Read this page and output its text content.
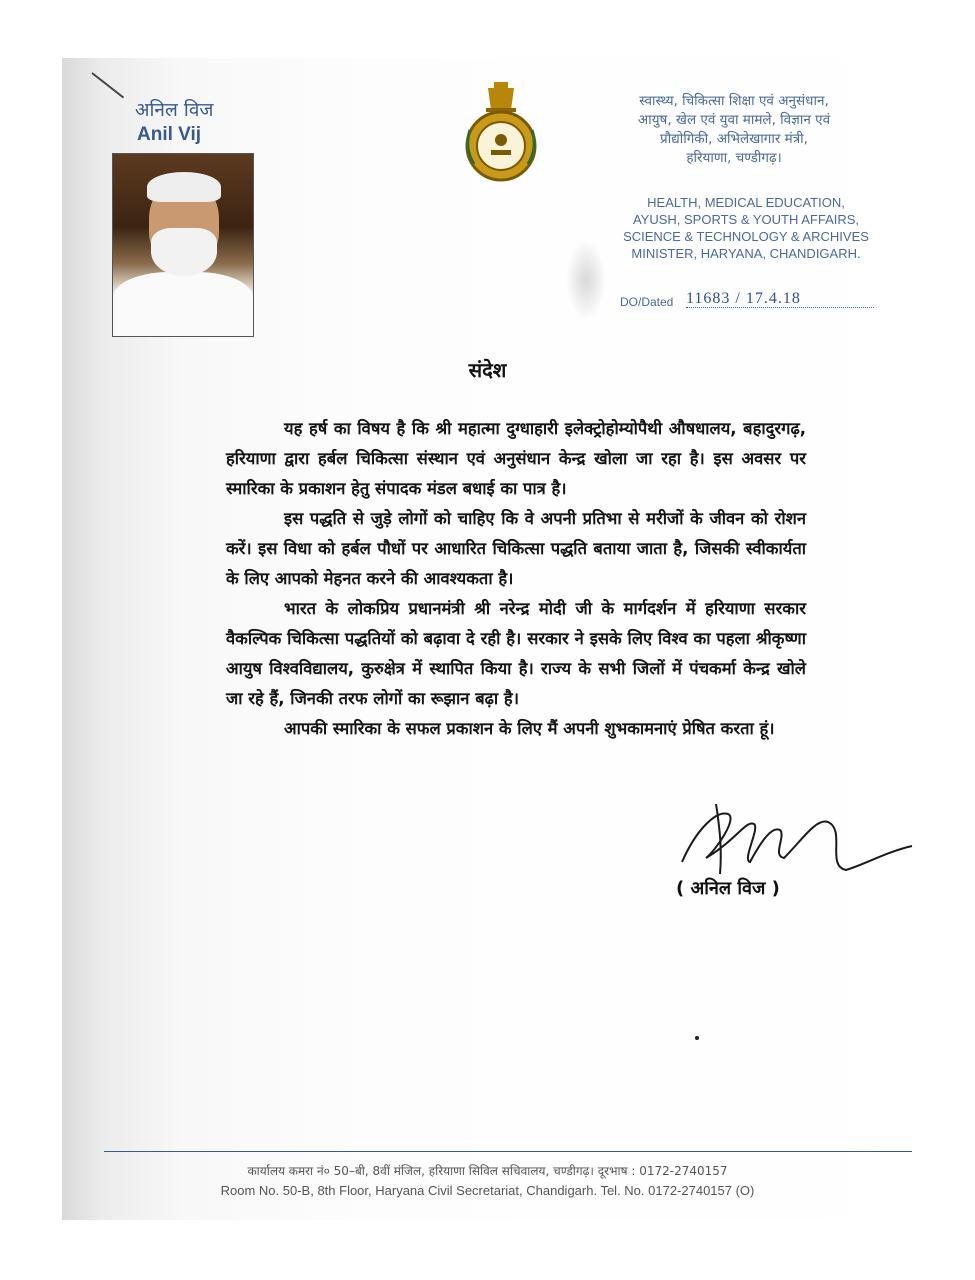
अनिल विज
Anil Vij
स्वास्थ्य, चिकित्सा शिक्षा एवं अनुसंधान,
आयुष, खेल एवं युवा मामले, विज्ञान एवं
प्रौद्योगिकी, अभिलेखागार मंत्री,
हरियाणा, चण्डीगढ़।
HEALTH, MEDICAL EDUCATION,
AYUSH, SPORTS & YOUTH AFFAIRS,
SCIENCE & TECHNOLOGY & ARCHIVES
MINISTER, HARYANA, CHANDIGARH.
DO/Dated 11683 / 17.4.18
संदेश

यह हर्ष का विषय है कि श्री महात्मा दुग्धाहारी इलेक्ट्रोहोम्योपैथी औषधालय, बहादुरगढ़, हरियाणा द्वारा हर्बल चिकित्सा संस्थान एवं अनुसंधान केन्द्र खोला जा रहा है। इस अवसर पर स्मारिका के प्रकाशन हेतु संपादक मंडल बधाई का पात्र है।

इस पद्धति से जुड़े लोगों को चाहिए कि वे अपनी प्रतिभा से मरीजों के जीवन को रोशन करें। इस विधा को हर्बल पौधों पर आधारित चिकित्सा पद्धति बताया जाता है, जिसकी स्वीकार्यता के लिए आपको मेहनत करने की आवश्यकता है।

भारत के लोकप्रिय प्रधानमंत्री श्री नरेन्द्र मोदी जी के मार्गदर्शन में हरियाणा सरकार वैकल्पिक चिकित्सा पद्धतियों को बढ़ावा दे रही है। सरकार ने इसके लिए विश्व का पहला श्रीकृष्णा आयुष विश्वविद्यालय, कुरुक्षेत्र में स्थापित किया है। राज्य के सभी जिलों में पंचकर्मा केन्द्र खोले जा रहे हैं, जिनकी तरफ लोगों का रूझान बढ़ा है।

आपकी स्मारिका के सफल प्रकाशन के लिए मैं अपनी शुभकामनाएं प्रेषित करता हूं।

( अनिल विज )
कार्यालय कमरा नं० 50–बी, 8वीं मंजिल, हरियाणा सिविल सचिवालय, चण्डीगढ़। दूरभाष : 0172-2740157
Room No. 50-B, 8th Floor, Haryana Civil Secretariat, Chandigarh. Tel. No. 0172-2740157 (O)
